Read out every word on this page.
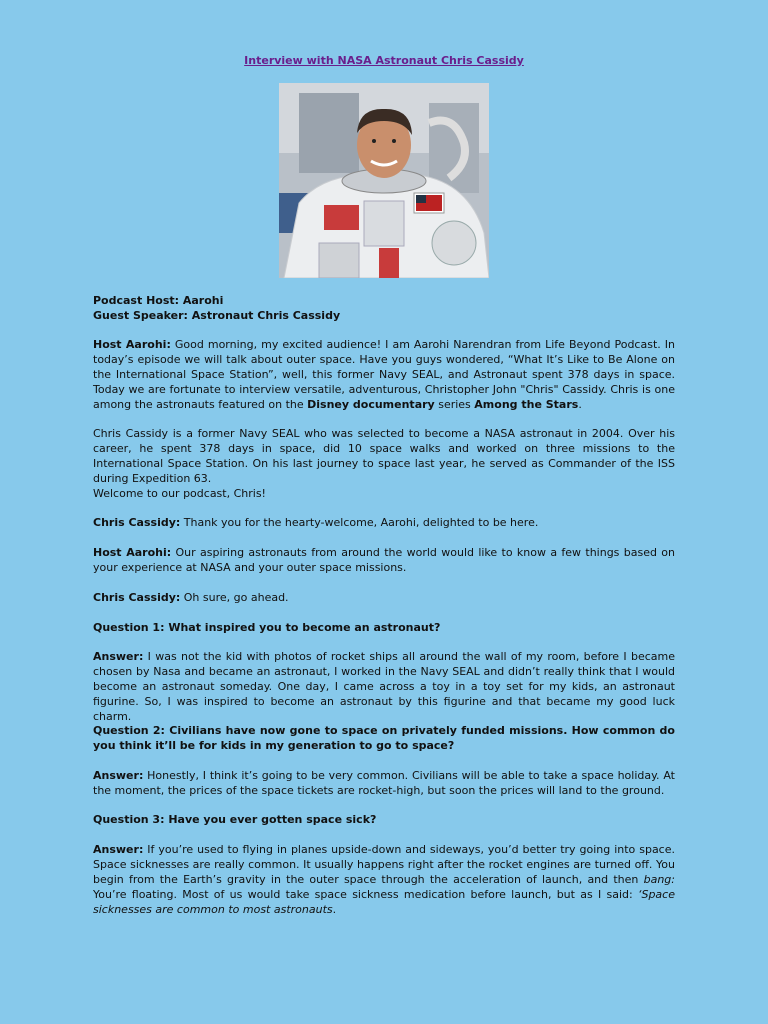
Interview with NASA Astronaut Chris Cassidy

Podcast Host: Aarohi

Guest Speaker: Astronaut Chris Cassidy

Host Aarohi: Good morning, my excited audience! I am Aarohi Narendran from Life Beyond Podcast. In today’s episode we will talk about outer space. Have you guys wondered, “What It’s Like to Be Alone on the International Space Station”, well, this former Navy SEAL, and Astronaut spent 378 days in space. Today we are fortunate to interview versatile, adventurous, Christopher John "Chris" Cassidy. Chris is one among the astronauts featured on the Disney documentary series Among the Stars.

Chris Cassidy is a former Navy SEAL who was selected to become a NASA astronaut in 2004. Over his career, he spent 378 days in space, did 10 space walks and worked on three missions to the International Space Station. On his last journey to space last year, he served as Commander of the ISS during Expedition 63.

Welcome to our podcast, Chris!

Chris Cassidy: Thank you for the hearty-welcome, Aarohi, delighted to be here.

Host Aarohi: Our aspiring astronauts from around the world would like to know a few things based on your experience at NASA and your outer space missions.

Chris Cassidy: Oh sure, go ahead.

Question 1: What inspired you to become an astronaut?

Answer: I was not the kid with photos of rocket ships all around the wall of my room, before I became chosen by Nasa and became an astronaut, I worked in the Navy SEAL and didn’t really think that I would become an astronaut someday. One day, I came across a toy in a toy set for my kids, an astronaut figurine. So, I was inspired to become an astronaut by this figurine and that became my good luck charm.

Question 2: Civilians have now gone to space on privately funded missions. How common do you think it’ll be for kids in my generation to go to space?

Answer: Honestly, I think it’s going to be very common. Civilians will be able to take a space holiday. At the moment, the prices of the space tickets are rocket-high, but soon the prices will land to the ground.

Question 3: Have you ever gotten space sick?

Answer: If you’re used to flying in planes upside-down and sideways, you’d better try going into space. Space sicknesses are really common. It usually happens right after the rocket engines are turned off. You begin from the Earth’s gravity in the outer space through the acceleration of launch, and then bang: You’re floating. Most of us would take space sickness medication before launch, but as I said: ‘Space sicknesses are common to most astronauts.
